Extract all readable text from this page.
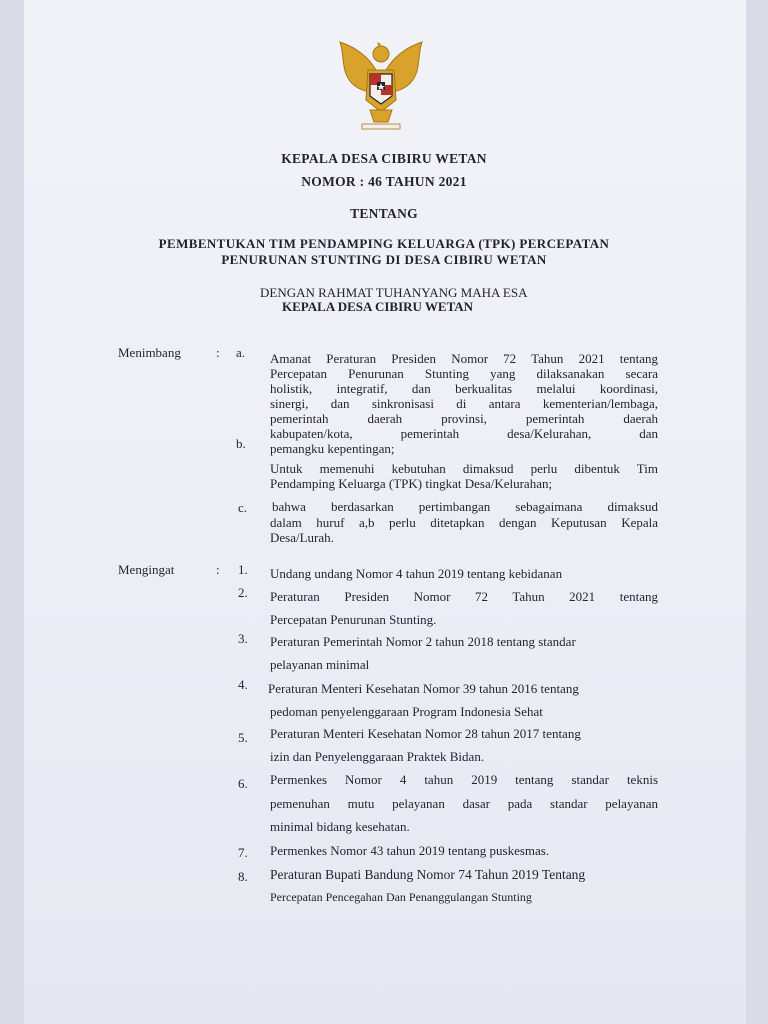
KEPALA DESA CIBIRU WETAN
NOMOR : 46 TAHUN 2021
TENTANG
PEMBENTUKAN TIM PENDAMPING KELUARGA (TPK) PERCEPATAN
PENURUNAN STUNTING DI DESA CIBIRU WETAN
DENGAN RAHMAT TUHANYANG MAHA ESA
KEPALA DESA CIBIRU WETAN
Menimbang	: a. Amanat Peraturan Presiden Nomor 72 Tahun 2021 tentang
Percepatan Penurunan Stunting yang dilaksanakan secara
holistik, integratif, dan berkualitas melalui koordinasi,
sinergi, dan sinkronisasi di antara kementerian/lembaga,
pemerintah daerah provinsi, pemerintah daerah
kabupaten/kota, pemerintah desa/Kelurahan, dan
pemangku kepentingan;
b.
Untuk memenuhi kebutuhan dimaksud perlu dibentuk Tim
Pendamping Keluarga (TPK) tingkat Desa/Kelurahan;
c. bahwa berdasarkan pertimbangan sebagaimana dimaksud
dalam huruf a,b perlu ditetapkan dengan Keputusan Kepala
Desa/Lurah.
Mengingat	: 1. Undang undang Nomor 4 tahun 2019 tentang kebidanan
2. Peraturan Presiden Nomor 72 Tahun 2021 tentang
Percepatan Penurunan Stunting.
3. Peraturan Pemerintah Nomor 2 tahun 2018 tentang standar
pelayanan minimal
4. Peraturan Menteri Kesehatan Nomor 39 tahun 2016 tentang
pedoman penyelenggaraan Program Indonesia Sehat
5. Peraturan Menteri Kesehatan Nomor 28 tahun 2017 tentang
izin dan Penyelenggaraan Praktek Bidan.
6. Permenkes Nomor 4 tahun 2019 tentang standar teknis
pemenuhan mutu pelayanan dasar pada standar pelayanan
minimal bidang kesehatan.
7. Permenkes Nomor 43 tahun 2019 tentang puskesmas.
8. Peraturan Bupati Bandung Nomor 74 Tahun 2019 Tentang
Percepatan Pencegahan Dan Penanggulangan Stunting
